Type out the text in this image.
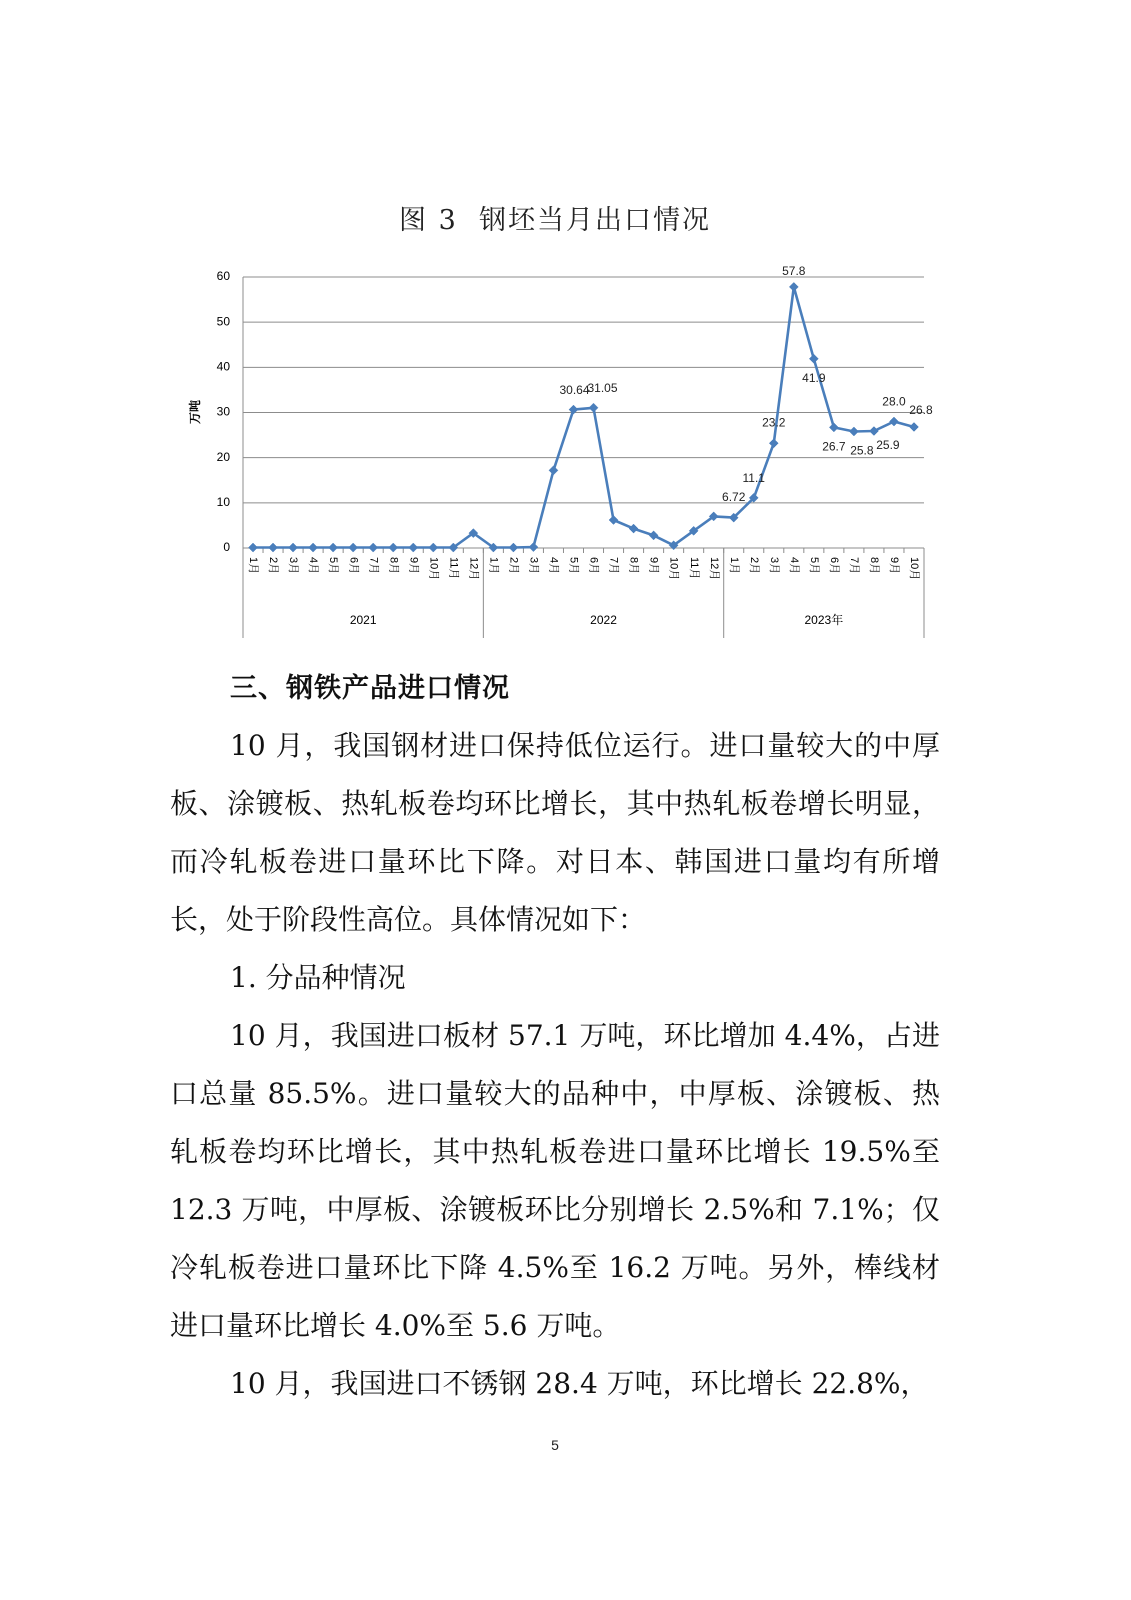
图 3  钢坯当月出口情况
0
10
20
30
40
50
60
万吨
1月 2月 3月 4月 5月 6月 7月 8月 9月 10月 11月 12月 1月 2月 3月 4月 5月 6月 7月 8月 9月 10月 11月 12月 1月 2月 3月 4月 5月 6月 7月 8月 9月 10月
2021	2022	2023年
30.64
31.05
6.72
11.1
23.2
57.8
41.9
26.7 25.8 25.9
28.0
26.8
三、钢铁产品进口情况
10 月，我国钢材进口保持低位运行。进口量较大的中厚
板、涂镀板、热轧板卷均环比增长，其中热轧板卷增长明显，
而冷轧板卷进口量环比下降。对日本、韩国进口量均有所增
长，处于阶段性高位。具体情况如下：
1. 分品种情况
10 月，我国进口板材 57.1 万吨，环比增加 4.4%，占进
口总量 85.5%。进口量较大的品种中，中厚板、涂镀板、热
轧板卷均环比增长，其中热轧板卷进口量环比增长 19.5%至
12.3 万吨，中厚板、涂镀板环比分别增长 2.5%和 7.1%；仅
冷轧板卷进口量环比下降 4.5%至 16.2 万吨。另外，棒线材
进口量环比增长 4.0%至 5.6 万吨。
10 月，我国进口不锈钢 28.4 万吨，环比增长 22.8%，
5
